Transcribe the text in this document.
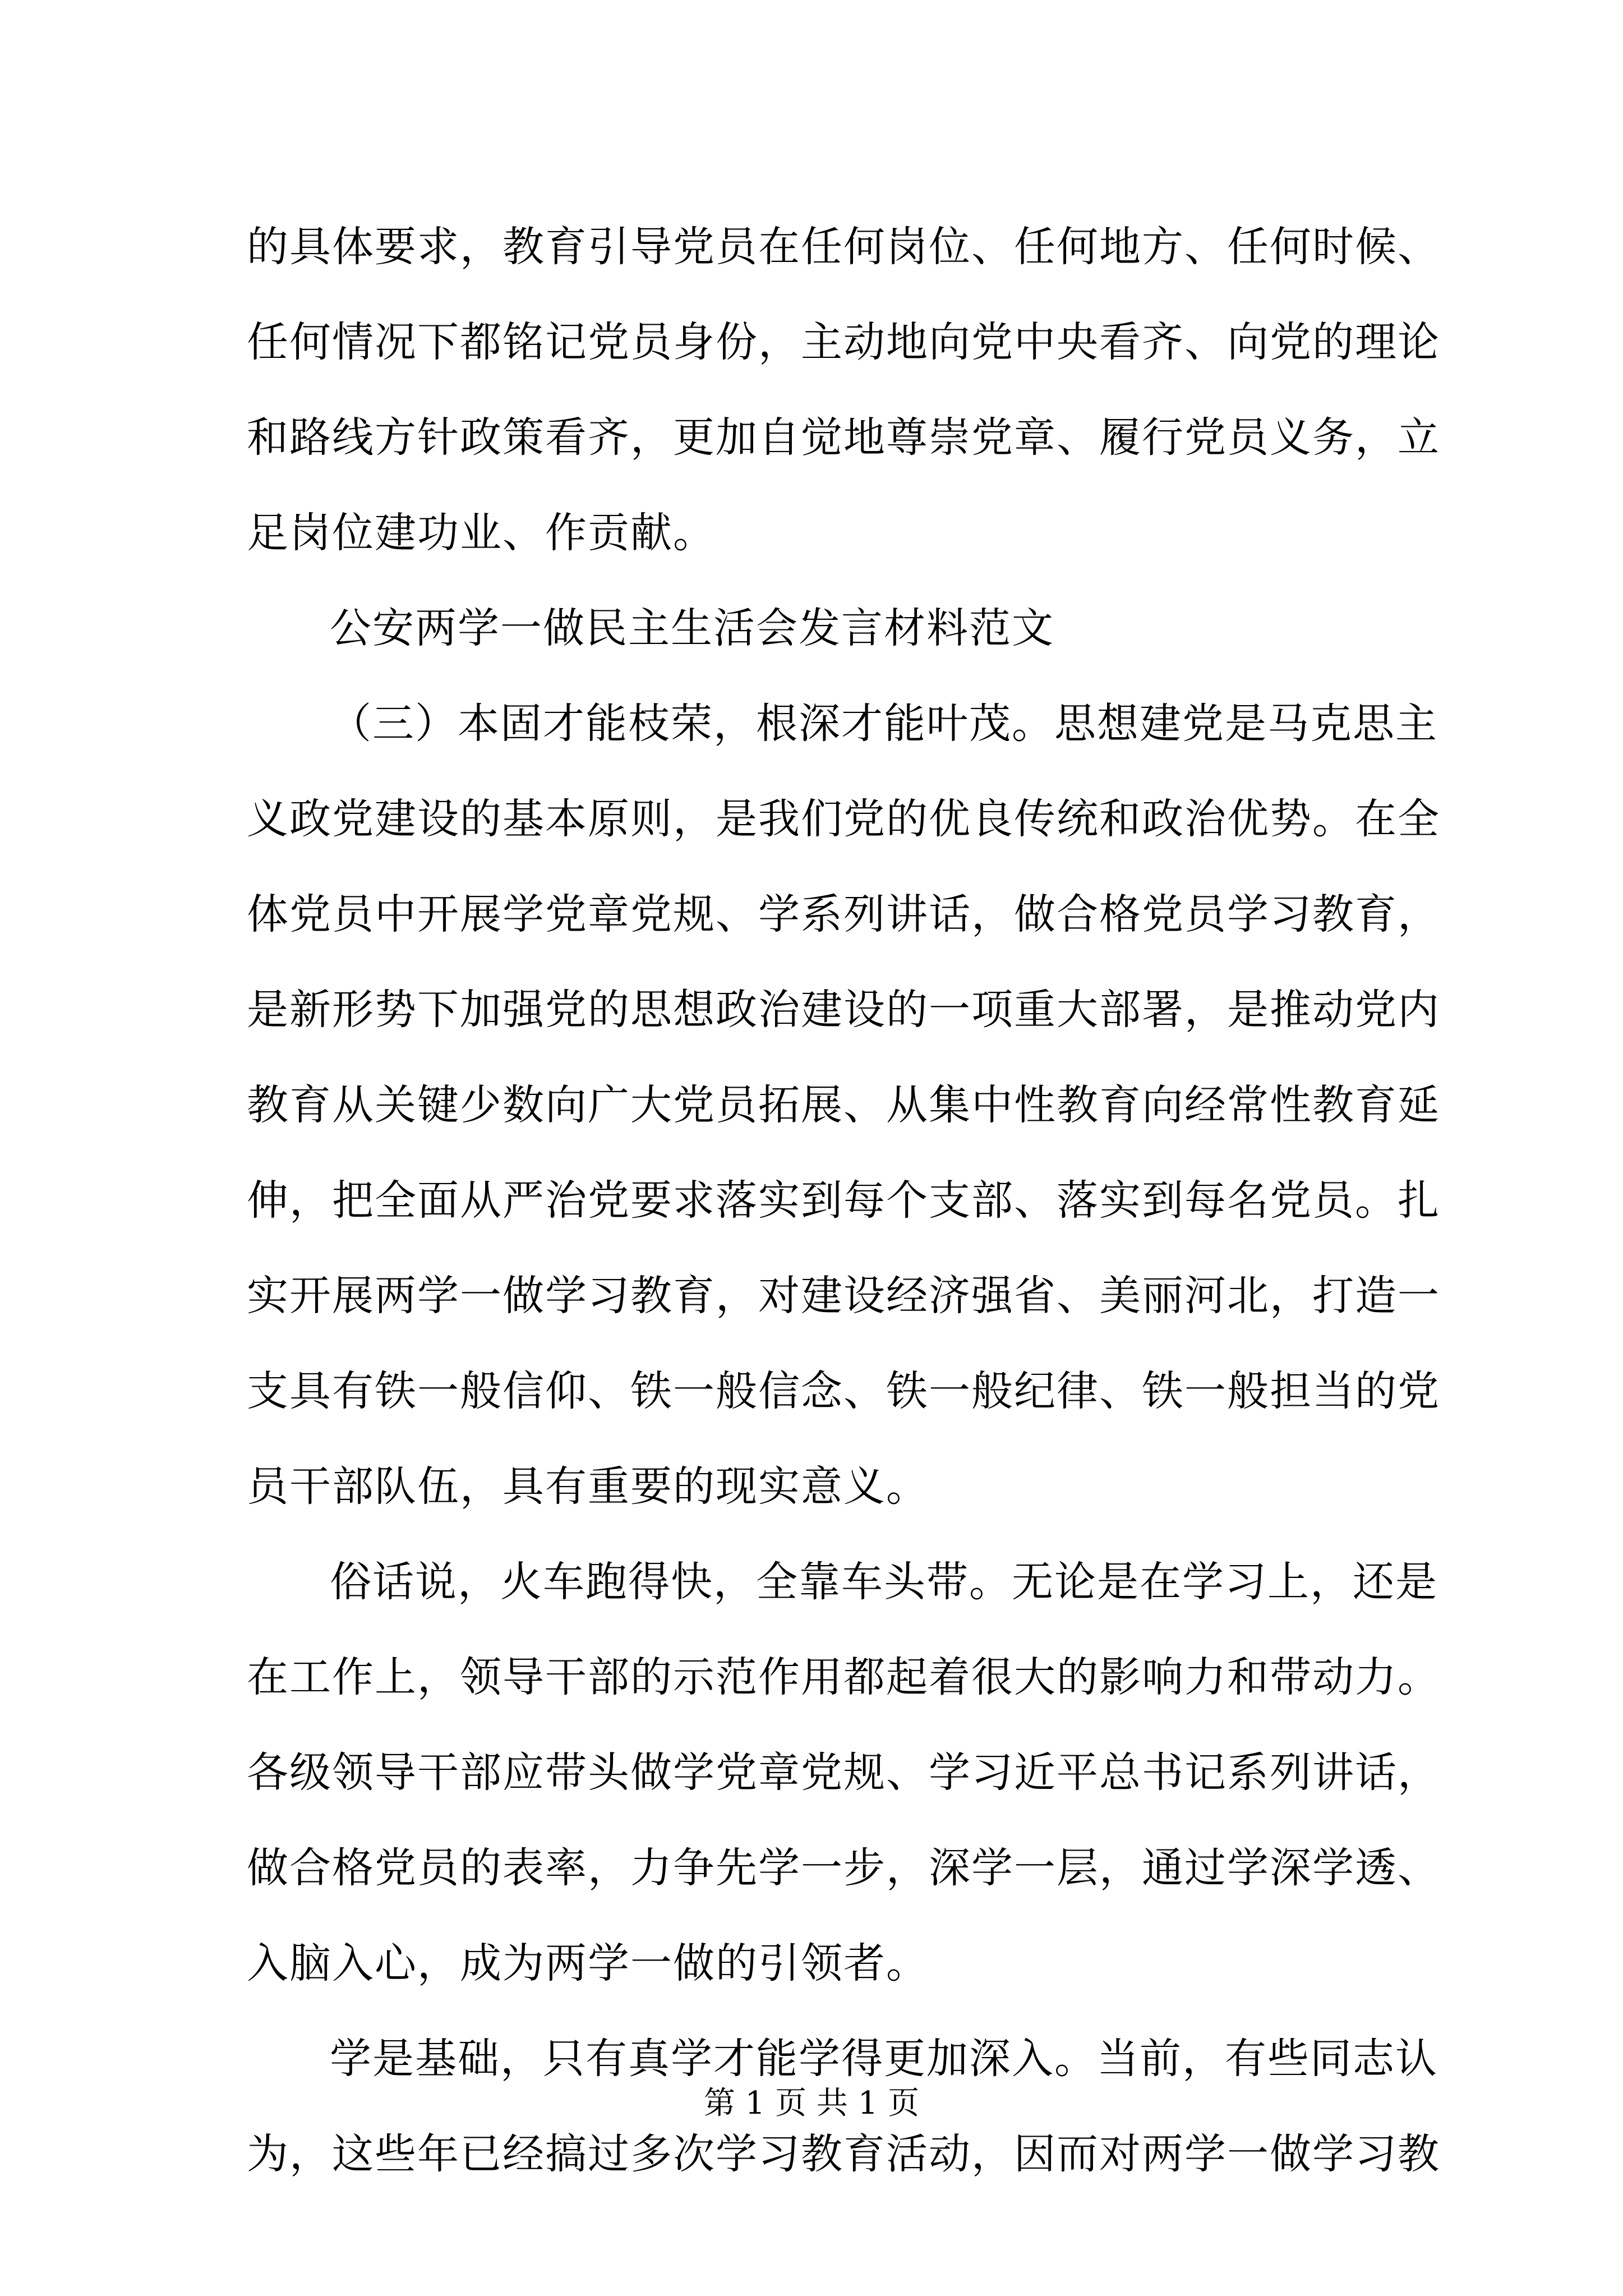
的具体要求，教育引导党员在任何岗位、任何地方、任何时候、
任何情况下都铭记党员身份，主动地向党中央看齐、向党的理论
和路线方针政策看齐，更加自觉地尊崇党章、履行党员义务，立
足岗位建功业、作贡献。
公安两学一做民主生活会发言材料范文
（三）本固才能枝荣，根深才能叶茂。思想建党是马克思主
义政党建设的基本原则，是我们党的优良传统和政治优势。在全
体党员中开展学党章党规、学系列讲话，做合格党员学习教育，
是新形势下加强党的思想政治建设的一项重大部署，是推动党内
教育从关键少数向广大党员拓展、从集中性教育向经常性教育延
伸，把全面从严治党要求落实到每个支部、落实到每名党员。扎
实开展两学一做学习教育，对建设经济强省、美丽河北，打造一
支具有铁一般信仰、铁一般信念、铁一般纪律、铁一般担当的党
员干部队伍，具有重要的现实意义。
俗话说，火车跑得快，全靠车头带。无论是在学习上，还是
在工作上，领导干部的示范作用都起着很大的影响力和带动力。
各级领导干部应带头做学党章党规、学习近平总书记系列讲话，
做合格党员的表率，力争先学一步，深学一层，通过学深学透、
入脑入心，成为两学一做的引领者。
学是基础，只有真学才能学得更加深入。当前，有些同志认
为，这些年已经搞过多次学习教育活动，因而对两学一做学习教
第 1 页 共 1 页
